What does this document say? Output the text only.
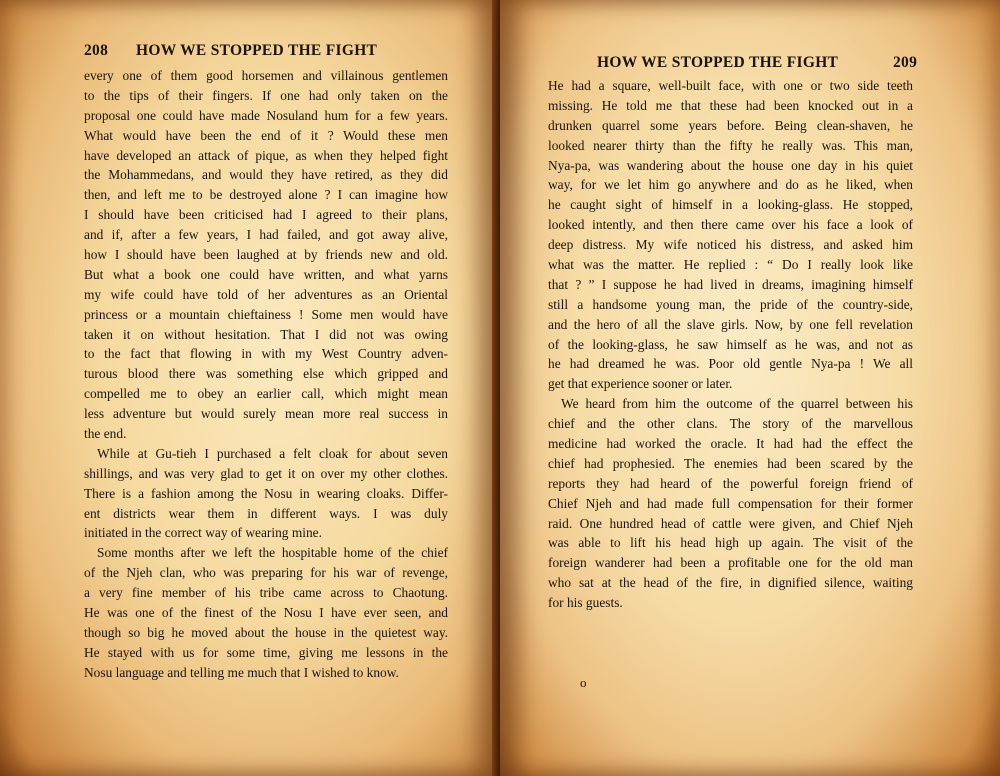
208 HOW WE STOPPED THE FIGHT
every one of them good horsemen and villainous gentlemen
to the tips of their fingers. If one had only taken on the
proposal one could have made Nosuland hum for a few years.
What would have been the end of it ? Would these men
have developed an attack of pique, as when they helped fight
the Mohammedans, and would they have retired, as they did
then, and left me to be destroyed alone ? I can imagine how
I should have been criticised had I agreed to their plans,
and if, after a few years, I had failed, and got away alive,
how I should have been laughed at by friends new and old.
But what a book one could have written, and what yarns
my wife could have told of her adventures as an Oriental
princess or a mountain chieftainess ! Some men would have
taken it on without hesitation. That I did not was owing
to the fact that flowing in with my West Country adven-
turous blood there was something else which gripped and
compelled me to obey an earlier call, which might mean
less adventure but would surely mean more real success in
the end.
While at Gu-tieh I purchased a felt cloak for about seven
shillings, and was very glad to get it on over my other clothes.
There is a fashion among the Nosu in wearing cloaks. Differ-
ent districts wear them in different ways. I was duly
initiated in the correct way of wearing mine.
Some months after we left the hospitable home of the chief
of the Njeh clan, who was preparing for his war of revenge,
a very fine member of his tribe came across to Chaotung.
He was one of the finest of the Nosu I have ever seen, and
though so big he moved about the house in the quietest way.
He stayed with us for some time, giving me lessons in the
Nosu language and telling me much that I wished to know.
HOW WE STOPPED THE FIGHT	209
He had a square, well-built face, with one or two side teeth
missing. He told me that these had been knocked out in a
drunken quarrel some years before. Being clean-shaven, he
looked nearer thirty than the fifty he really was. This man,
Nya-pa, was wandering about the house one day in his quiet
way, for we let him go anywhere and do as he liked, when
he caught sight of himself in a looking-glass. He stopped,
looked intently, and then there came over his face a look of
deep distress. My wife noticed his distress, and asked him
what was the matter. He replied : “ Do I really look like
that ? ” I suppose he had lived in dreams, imagining himself
still a handsome young man, the pride of the country-side,
and the hero of all the slave girls. Now, by one fell revelation
of the looking-glass, he saw himself as he was, and not as
he had dreamed he was. Poor old gentle Nya-pa ! We all
get that experience sooner or later.
We heard from him the outcome of the quarrel between his
chief and the other clans. The story of the marvellous
medicine had worked the oracle. It had had the effect the
chief had prophesied. The enemies had been scared by the
reports they had heard of the powerful foreign friend of
Chief Njeh and had made full compensation for their former
raid. One hundred head of cattle were given, and Chief Njeh
was able to lift his head high up again. The visit of the
foreign wanderer had been a profitable one for the old man
who sat at the head of the fire, in dignified silence, waiting
for his guests.
o
